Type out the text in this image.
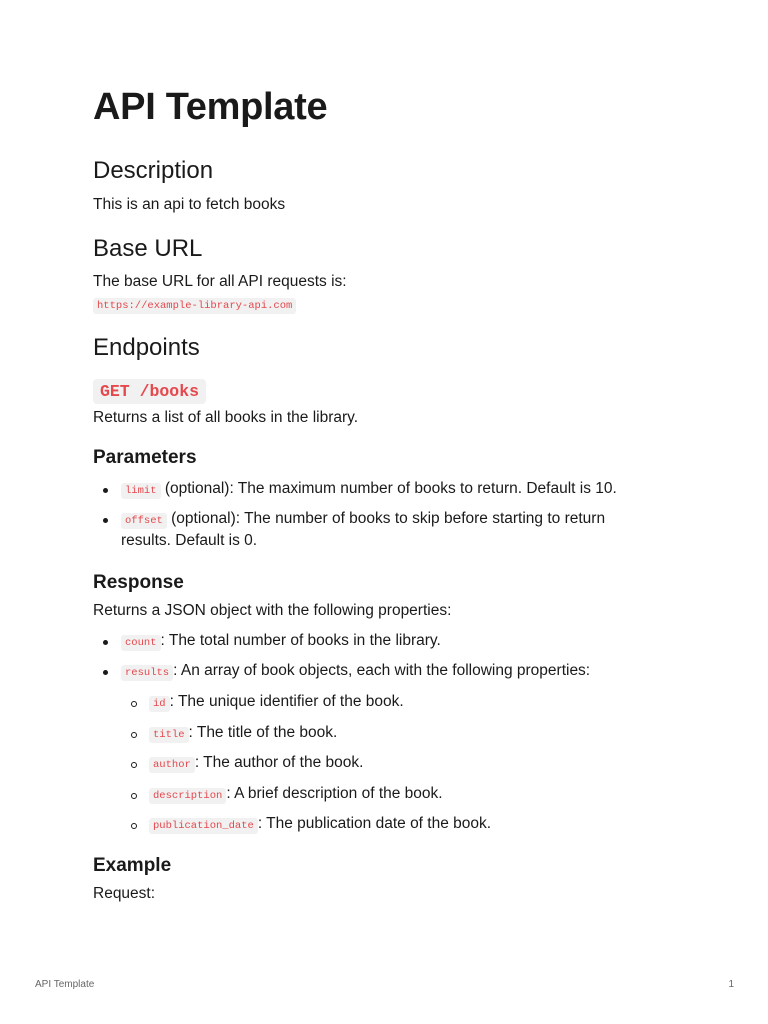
API Template
Description

This is an api to fetch books

Base URL

The base URL for all API requests is:

https://example-library-api.com
Endpoints
GET /books

Returns a list of all books in the library.

Parameters
limit (optional): The maximum number of books to return. Default is 10.
offset (optional): The number of books to skip before starting to return
results. Default is 0.
Response

Returns a JSON object with the following properties:

count : The total number of books in the library.
results : An array of book objects, each with the following properties:
id : The unique identifier of the book.
title : The title of the book.
author : The author of the book.
description : A brief description of the book.
publication_date : The publication date of the book.
Example

Request:

API Template	1
